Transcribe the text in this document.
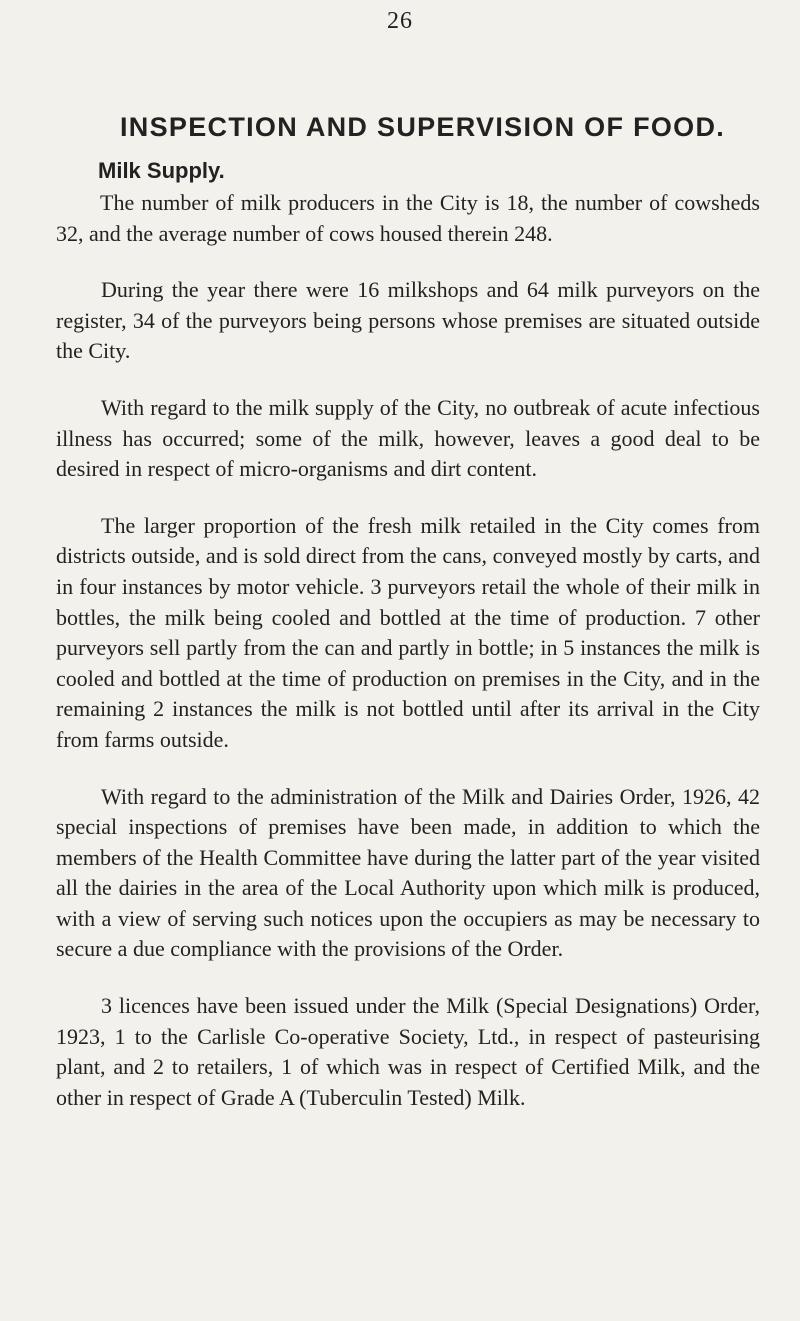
26
INSPECTION AND SUPERVISION OF FOOD.
Milk Supply.

The number of milk producers in the City is 18, the number of cowsheds 32, and the average number of cows housed therein 248.

During the year there were 16 milkshops and 64 milk purveyors on the register, 34 of the purveyors being persons whose premises are situated outside the City.

With regard to the milk supply of the City, no outbreak of acute infectious illness has occurred; some of the milk, however, leaves a good deal to be desired in respect of micro-organisms and dirt content.

The larger proportion of the fresh milk retailed in the City comes from districts outside, and is sold direct from the cans, conveyed mostly by carts, and in four instances by motor vehicle. 3 purveyors retail the whole of their milk in bottles, the milk being cooled and bottled at the time of production. 7 other purveyors sell partly from the can and partly in bottle; in 5 instances the milk is cooled and bottled at the time of production on premises in the City, and in the remaining 2 instances the milk is not bottled until after its arrival in the City from farms outside.

With regard to the administration of the Milk and Dairies Order, 1926, 42 special inspections of premises have been made, in addition to which the members of the Health Committee have during the latter part of the year visited all the dairies in the area of the Local Authority upon which milk is produced, with a view of serving such notices upon the occupiers as may be necessary to secure a due compliance with the provisions of the Order.

3 licences have been issued under the Milk (Special Designations) Order, 1923, 1 to the Carlisle Co-operative Society, Ltd., in respect of pasteurising plant, and 2 to retailers, 1 of which was in respect of Certified Milk, and the other in respect of Grade A (Tuberculin Tested) Milk.
